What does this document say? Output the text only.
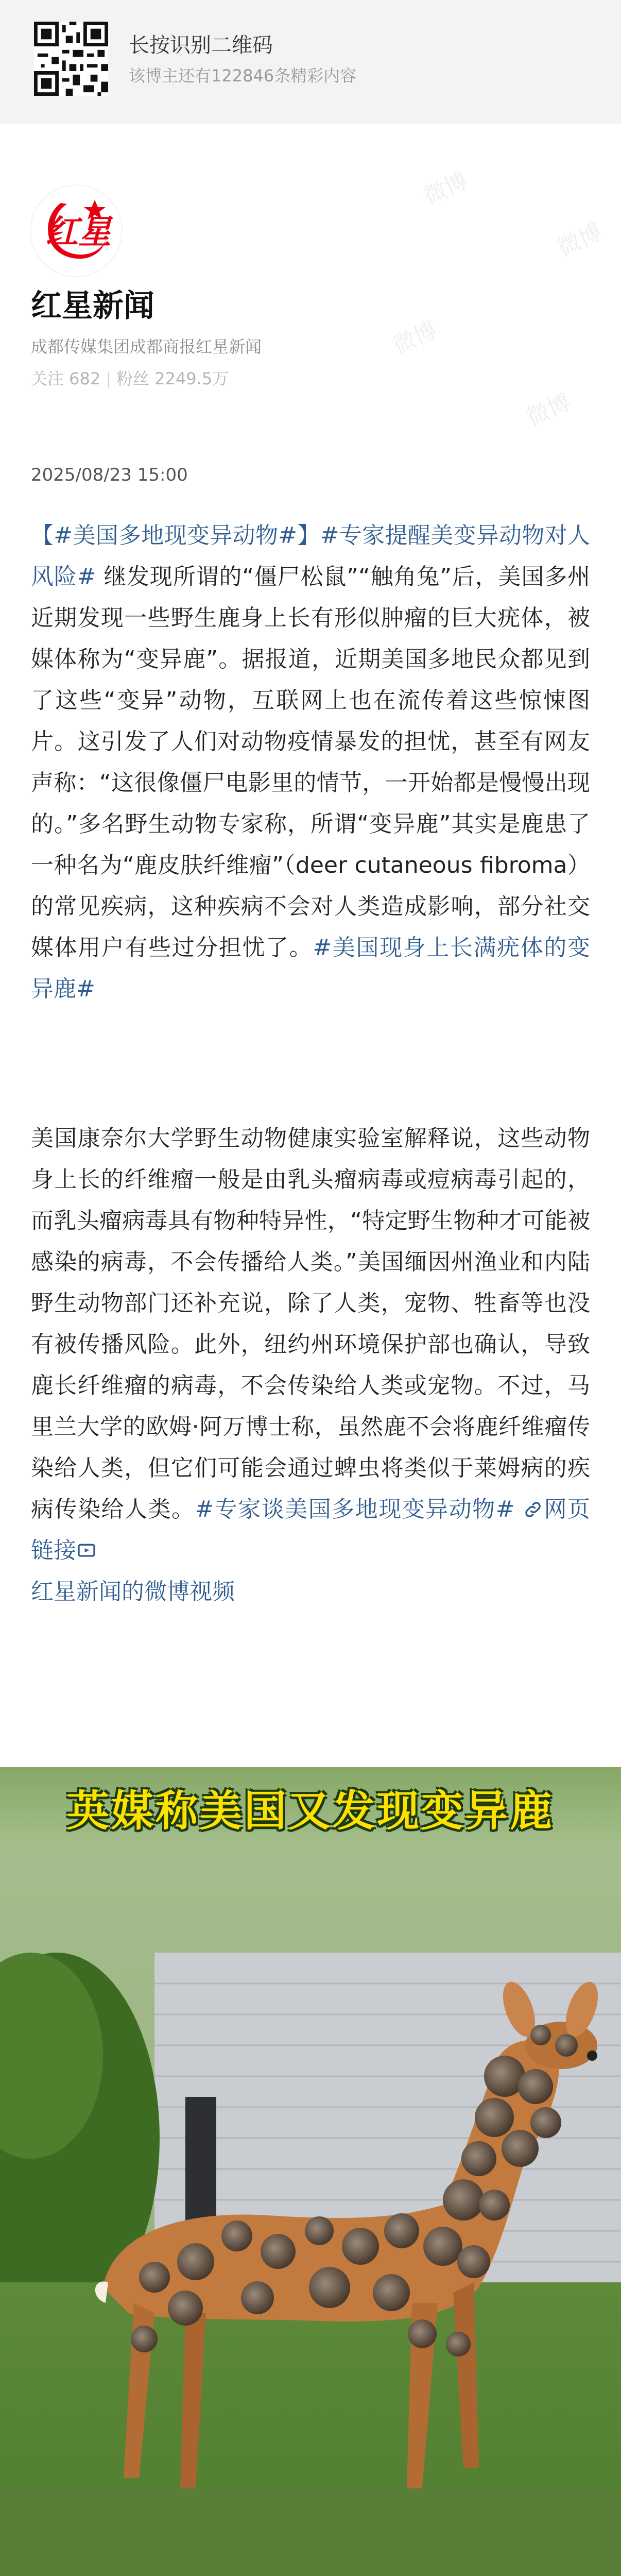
长按识别二维码
该博主还有122846条精彩内容
微博
微博
微博
微博
红星
红星新闻
成都传媒集团成都商报红星新闻
关注 682 | 粉丝 2249.5万
2025/08/23 15:00

【#美国多地现变异动物#】#专家提醒美变异动物对人风险# 继发现所谓的“僵尸松鼠”“触角兔”后，美国多州近期发现一些野生鹿身上长有形似肿瘤的巨大疣体，被媒体称为“变异鹿”。据报道，近期美国多地民众都见到了这些“变异”动物，互联网上也在流传着这些惊悚图片。这引发了人们对动物疫情暴发的担忧，甚至有网友声称：“这很像僵尸电影里的情节，一开始都是慢慢出现的。”多名野生动物专家称，所谓“变异鹿”其实是鹿患了一种名为“鹿皮肤纤维瘤”（deer cutaneous fibroma）的常见疾病，这种疾病不会对人类造成影响，部分社交媒体用户有些过分担忧了。#美国现身上长满疣体的变异鹿#

美国康奈尔大学野生动物健康实验室解释说，这些动物身上长的纤维瘤一般是由乳头瘤病毒或痘病毒引起的，而乳头瘤病毒具有物种特异性，“特定野生物种才可能被感染的病毒，不会传播给人类。”美国缅因州渔业和内陆野生动物部门还补充说，除了人类，宠物、牲畜等也没有被传播风险。此外，纽约州环境保护部也确认，导致鹿长纤维瘤的病毒，不会传染给人类或宠物。不过，马里兰大学的欧姆·阿万博士称，虽然鹿不会将鹿纤维瘤传染给人类，但它们可能会通过蜱虫将类似于莱姆病的疾病传染给人类。#专家谈美国多地现变异动物# 网页链接
红星新闻的微博视频

英媒称美国又发现变异鹿
